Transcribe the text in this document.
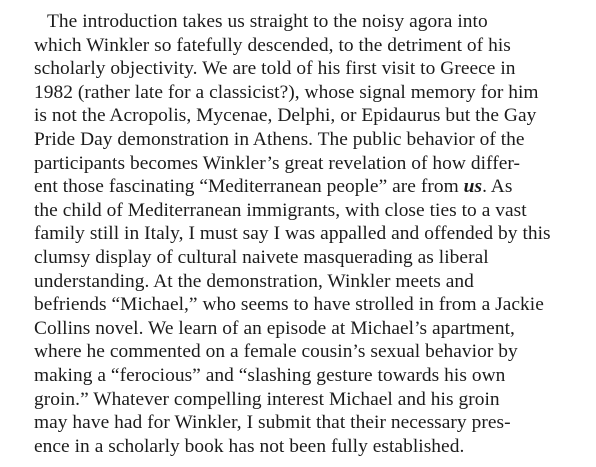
The introduction takes us straight to the noisy agora into
which Winkler so fatefully descended, to the detriment of his
scholarly objectivity. We are told of his first visit to Greece in
1982 (rather late for a classicist?), whose signal memory for him
is not the Acropolis, Mycenae, Delphi, or Epidaurus but the Gay
Pride Day demonstration in Athens. The public behavior of the
participants becomes Winkler’s great revelation of how differ-
ent those fascinating “Mediterranean people” are from us. As
the child of Mediterranean immigrants, with close ties to a vast
family still in Italy, I must say I was appalled and offended by this
clumsy display of cultural naivete masquerading as liberal
understanding. At the demonstration, Winkler meets and
befriends “Michael,” who seems to have strolled in from a Jackie
Collins novel. We learn of an episode at Michael’s apartment,
where he commented on a female cousin’s sexual behavior by
making a “ferocious” and “slashing gesture towards his own
groin.” Whatever compelling interest Michael and his groin
may have had for Winkler, I submit that their necessary pres-
ence in a scholarly book has not been fully established.
